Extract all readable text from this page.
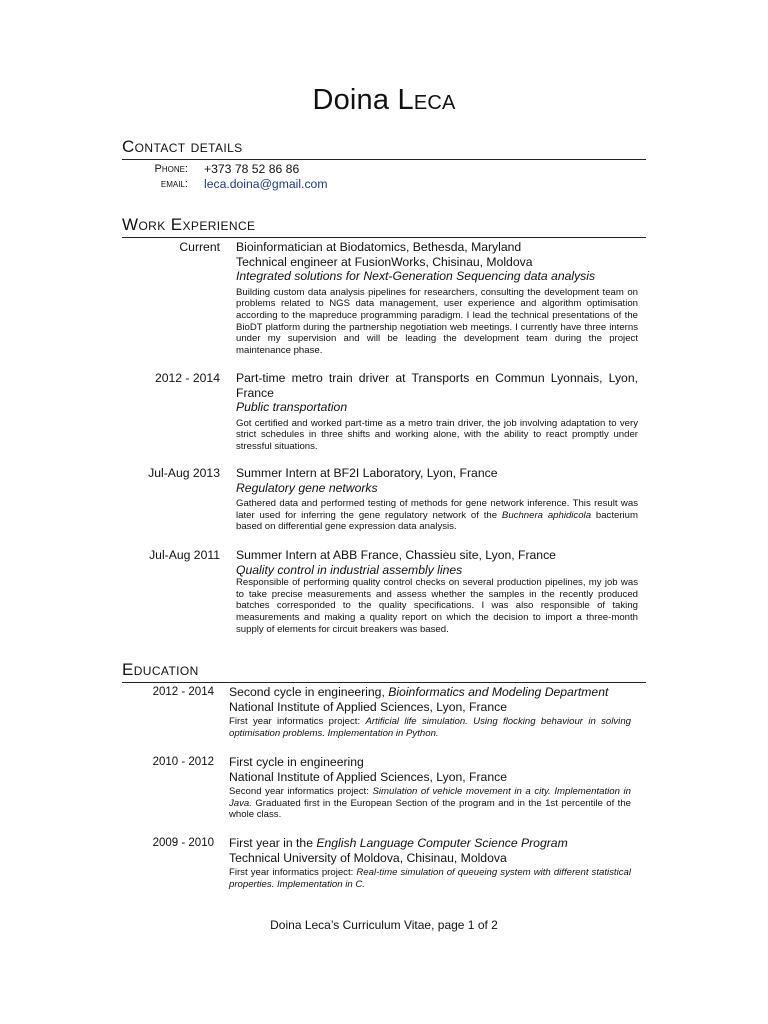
Doina Leca
Contact details
Phone: +373 78 52 86 86
email: leca.doina@gmail.com
Work Experience
Current Bioinformatician at Biodatomics, Bethesda, Maryland
Technical engineer at FusionWorks, Chisinau, Moldova
Integrated solutions for Next-Generation Sequencing data analysis
Building custom data analysis pipelines for researchers, consulting the development team on problems related to NGS data management, user experience and algorithm optimisation according to the mapreduce programming paradigm. I lead the technical presentations of the BioDT platform during the partnership negotiation web meetings. I currently have three interns under my supervision and will be leading the development team during the project maintenance phase.
2012 - 2014 Part-time metro train driver at Transports en Commun Lyonnais, Lyon, France
Public transportation
Got certified and worked part-time as a metro train driver, the job involving adaptation to very strict schedules in three shifts and working alone, with the ability to react promptly under stressful situations.
Jul-Aug 2013 Summer Intern at BF2I Laboratory, Lyon, France
Regulatory gene networks
Gathered data and performed testing of methods for gene network inference. This result was later used for inferring the gene regulatory network of the Buchnera aphidicola bacterium based on differential gene expression data analysis.
Jul-Aug 2011 Summer Intern at ABB France, Chassieu site, Lyon, France
Quality control in industrial assembly lines
Responsible of performing quality control checks on several production pipelines, my job was to take precise measurements and assess whether the samples in the recently produced batches corresponded to the quality specifications. I was also responsible of taking measurements and making a quality report on which the decision to import a three-month supply of elements for circuit breakers was based.
Education
2012 - 2014 Second cycle in engineering, Bioinformatics and Modeling Department
National Institute of Applied Sciences, Lyon, France
First year informatics project: Artificial life simulation. Using flocking behaviour in solving optimisation problems. Implementation in Python.
2010 - 2012 First cycle in engineering
National Institute of Applied Sciences, Lyon, France
Second year informatics project: Simulation of vehicle movement in a city. Implementation in Java. Graduated first in the European Section of the program and in the 1st percentile of the whole class.
2009 - 2010 First year in the English Language Computer Science Program
Technical University of Moldova, Chisinau, Moldova
First year informatics project: Real-time simulation of queueing system with different statistical properties. Implementation in C.
Doina Leca’s Curriculum Vitae, page 1 of 2
